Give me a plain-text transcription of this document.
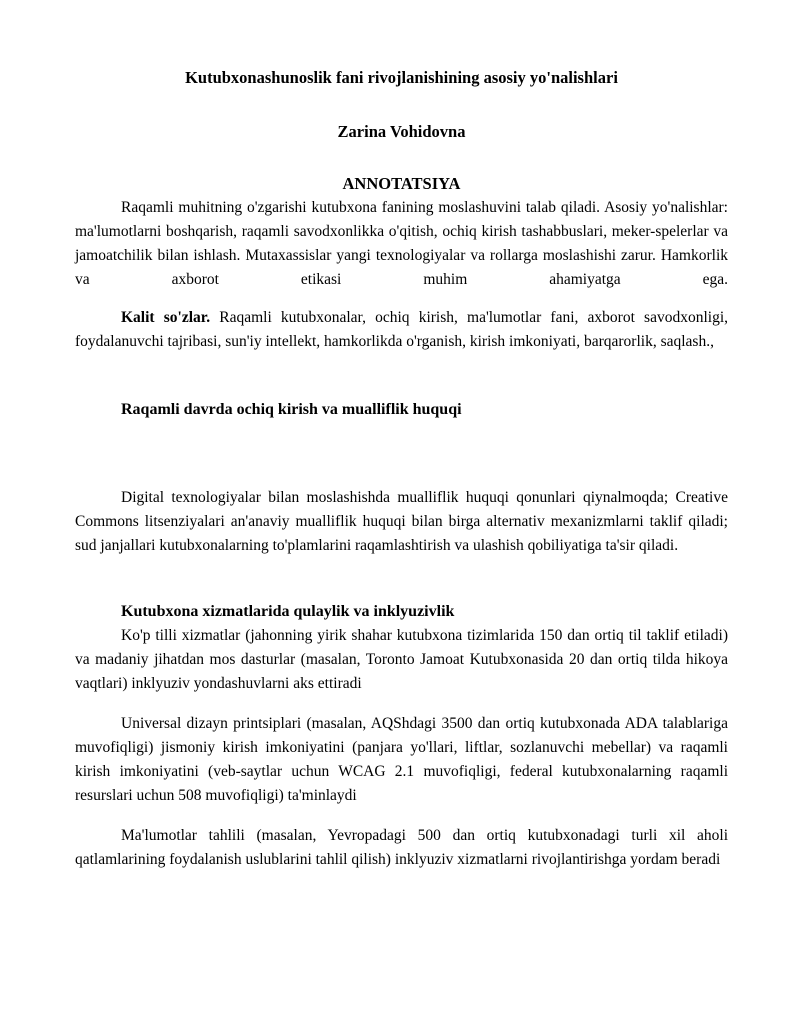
Kutubxonashunoslik fani rivojlanishining asosiy yo'nalishlari
Zarina Vohidovna
ANNOTATSIYA

Raqamli muhitning o'zgarishi kutubxona fanining moslashuvini talab qiladi. Asosiy yo'nalishlar: ma'lumotlarni boshqarish, raqamli savodxonlikka o'qitish, ochiq kirish tashabbuslari, meker-spelerlar va jamoatchilik bilan ishlash. Mutaxassislar yangi texnologiyalar va rollarga moslashishi zarur. Hamkorlik va axborot etikasi muhim ahamiyatga ega.

Kalit so'zlar. Raqamli kutubxonalar, ochiq kirish, ma'lumotlar fani, axborot savodxonligi, foydalanuvchi tajribasi, sun'iy intellekt, hamkorlikda o'rganish, kirish imkoniyati, barqarorlik, saqlash.,

Raqamli davrda ochiq kirish va mualliflik huquqi

Digital texnologiyalar bilan moslashishda mualliflik huquqi qonunlari qiynalmoqda; Creative Commons litsenziyalari an'anaviy mualliflik huquqi bilan birga alternativ mexanizmlarni taklif qiladi; sud janjallari kutubxonalarning to'plamlarini raqamlashtirish va ulashish qobiliyatiga ta'sir qiladi.

Kutubxona xizmatlarida qulaylik va inklyuzivlik

Ko'p tilli xizmatlar (jahonning yirik shahar kutubxona tizimlarida 150 dan ortiq til taklif etiladi) va madaniy jihatdan mos dasturlar (masalan, Toronto Jamoat Kutubxonasida 20 dan ortiq tilda hikoya vaqtlari) inklyuziv yondashuvlarni aks ettiradi

Universal dizayn printsiplari (masalan, AQShdagi 3500 dan ortiq kutubxonada ADA talablariga muvofiqligi) jismoniy kirish imkoniyatini (panjara yo'llari, liftlar, sozlanuvchi mebellar) va raqamli kirish imkoniyatini (veb-saytlar uchun WCAG 2.1 muvofiqligi, federal kutubxonalarning raqamli resurslari uchun 508 muvofiqligi) ta'minlaydi

Ma'lumotlar tahlili (masalan, Yevropadagi 500 dan ortiq kutubxonadagi turli xil aholi qatlamlarining foydalanish uslublarini tahlil qilish) inklyuziv xizmatlarni rivojlantirishga yordam beradi
